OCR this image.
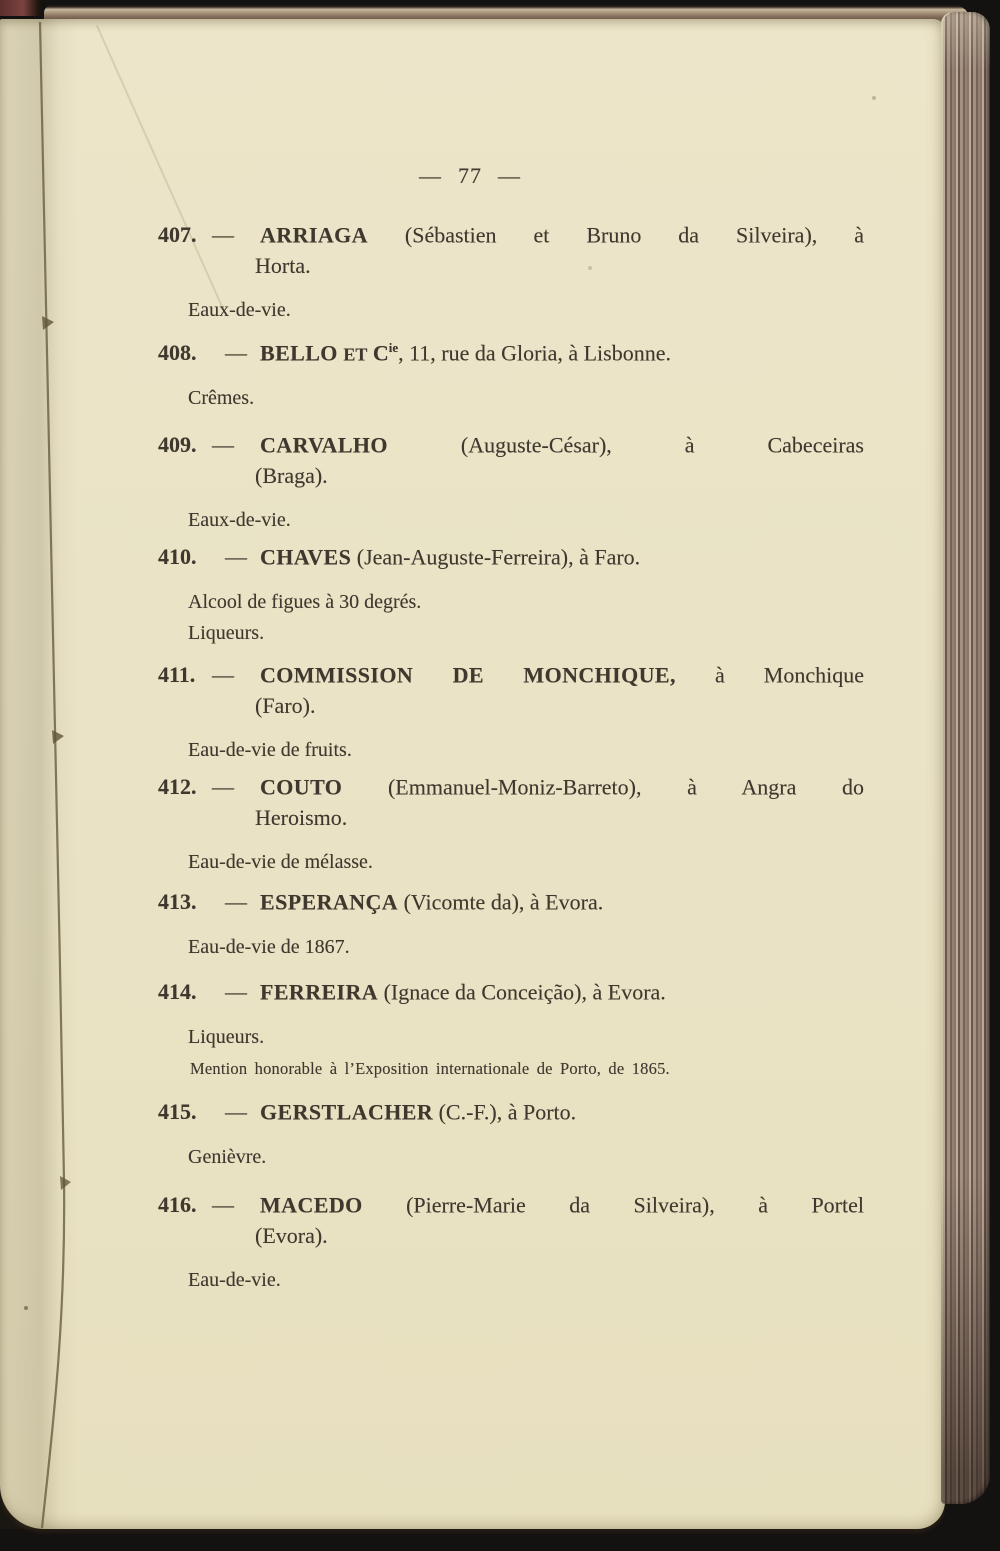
— 77 —
407. — ARRIAGA (Sébastien et Bruno da Silveira), à
Horta.
Eaux-de-vie.
408. — BELLO ET $C^{ie}$, 11, rue da Gloria, à Lisbonne.
Crêmes.
409. — CARVALHO	(Auguste-César), à Cabeceiras
(Braga).
Eaux-de-vie.
410. — CHAVES (Jean-Auguste-Ferreira), à Faro.
Alcool de figues à 30 degrés.
Liqueurs.
411. — COMMISSION DE MONCHIQUE, à Monchique
(Faro).
Eau-de-vie de fruits.
412. — COUTO (Emmanuel-Moniz-Barreto), à Angra do
Heroismo.
Eau-de-vie de mélasse.
413. — ESPERANÇA (Vicomte da), à Evora.
Eau-de-vie de 1867.
414. — FERREIRA (Ignace da Conceição), à Evora.
Liqueurs.
Mention honorable à l’Exposition internationale de Porto, de 1865.
415. — GERSTLACHER (C.-F.), à Porto.
Genièvre.
416. — MACEDO (Pierre-Marie da Silveira), à Portel
(Evora).
Eau-de-vie.
